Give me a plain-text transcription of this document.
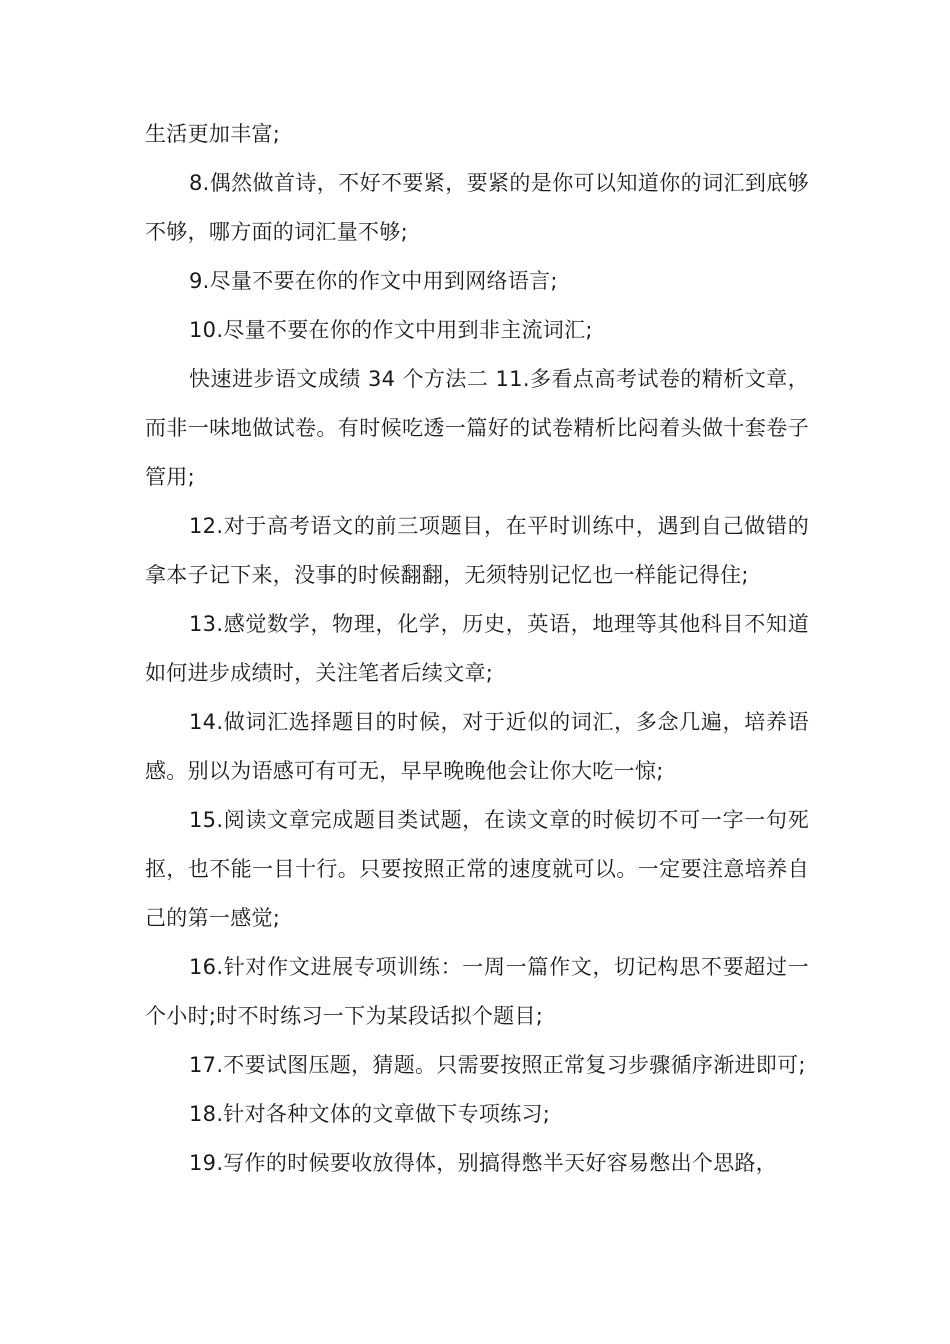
生活更加丰富;

8.偶然做首诗，不好不要紧，要紧的是你可以知道你的词汇到底够不够，哪方面的词汇量不够;

9.尽量不要在你的作文中用到网络语言;

10.尽量不要在你的作文中用到非主流词汇;

快速进步语文成绩 34 个方法二 11.多看点高考试卷的精析文章，而非一味地做试卷。有时候吃透一篇好的试卷精析比闷着头做十套卷子管用;

12.对于高考语文的前三项题目，在平时训练中，遇到自己做错的拿本子记下来，没事的时候翻翻，无须特别记忆也一样能记得住;

13.感觉数学，物理，化学，历史，英语，地理等其他科目不知道如何进步成绩时，关注笔者后续文章;

14.做词汇选择题目的时候，对于近似的词汇，多念几遍，培养语感。别以为语感可有可无，早早晚晚他会让你大吃一惊;

15.阅读文章完成题目类试题，在读文章的时候切不可一字一句死抠，也不能一目十行。只要按照正常的速度就可以。一定要注意培养自己的第一感觉;

16.针对作文进展专项训练：一周一篇作文，切记构思不要超过一个小时;时不时练习一下为某段话拟个题目;

17.不要试图压题，猜题。只需要按照正常复习步骤循序渐进即可;

18.针对各种文体的文章做下专项练习;

19.写作的时候要收放得体，别搞得憋半天好容易憋出个思路，
